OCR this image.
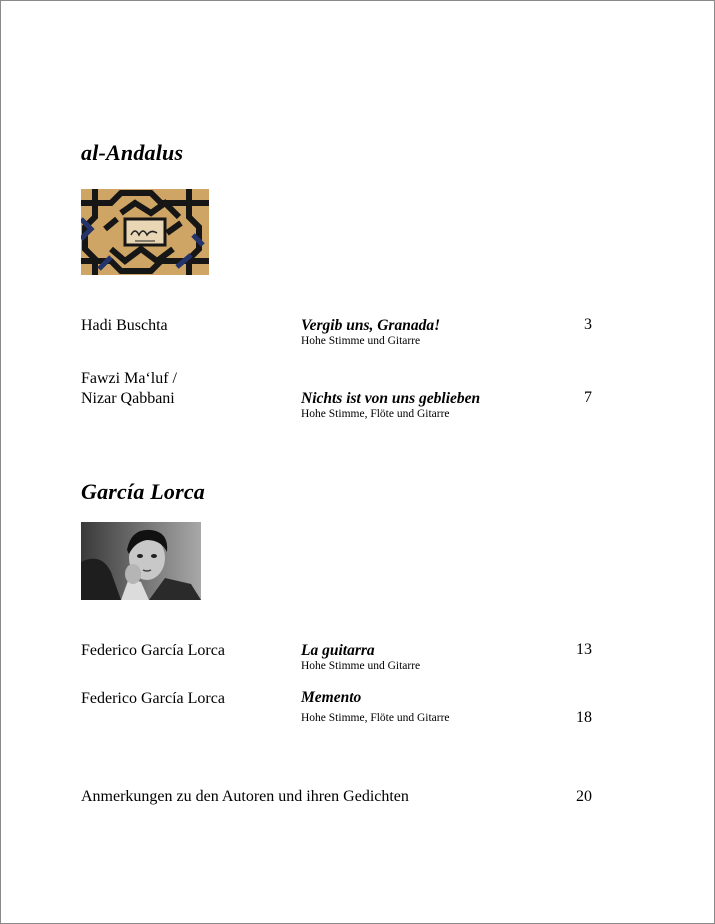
al-Andalus
Hadi Buschta	Vergib uns, Granada!
Hohe Stimme und Gitarre
3
Fawzi Ma‘luf /
Nizar Qabbani	Nichts ist von uns geblieben
Hohe Stimme, Flöte und Gitarre
7
García Lorca
Federico García Lorca	La guitarra
Hohe Stimme und Gitarre
13
Federico García Lorca	Memento
Hohe Stimme, Flöte und Gitarre	18
Anmerkungen zu den Autoren und ihren Gedichten	20
